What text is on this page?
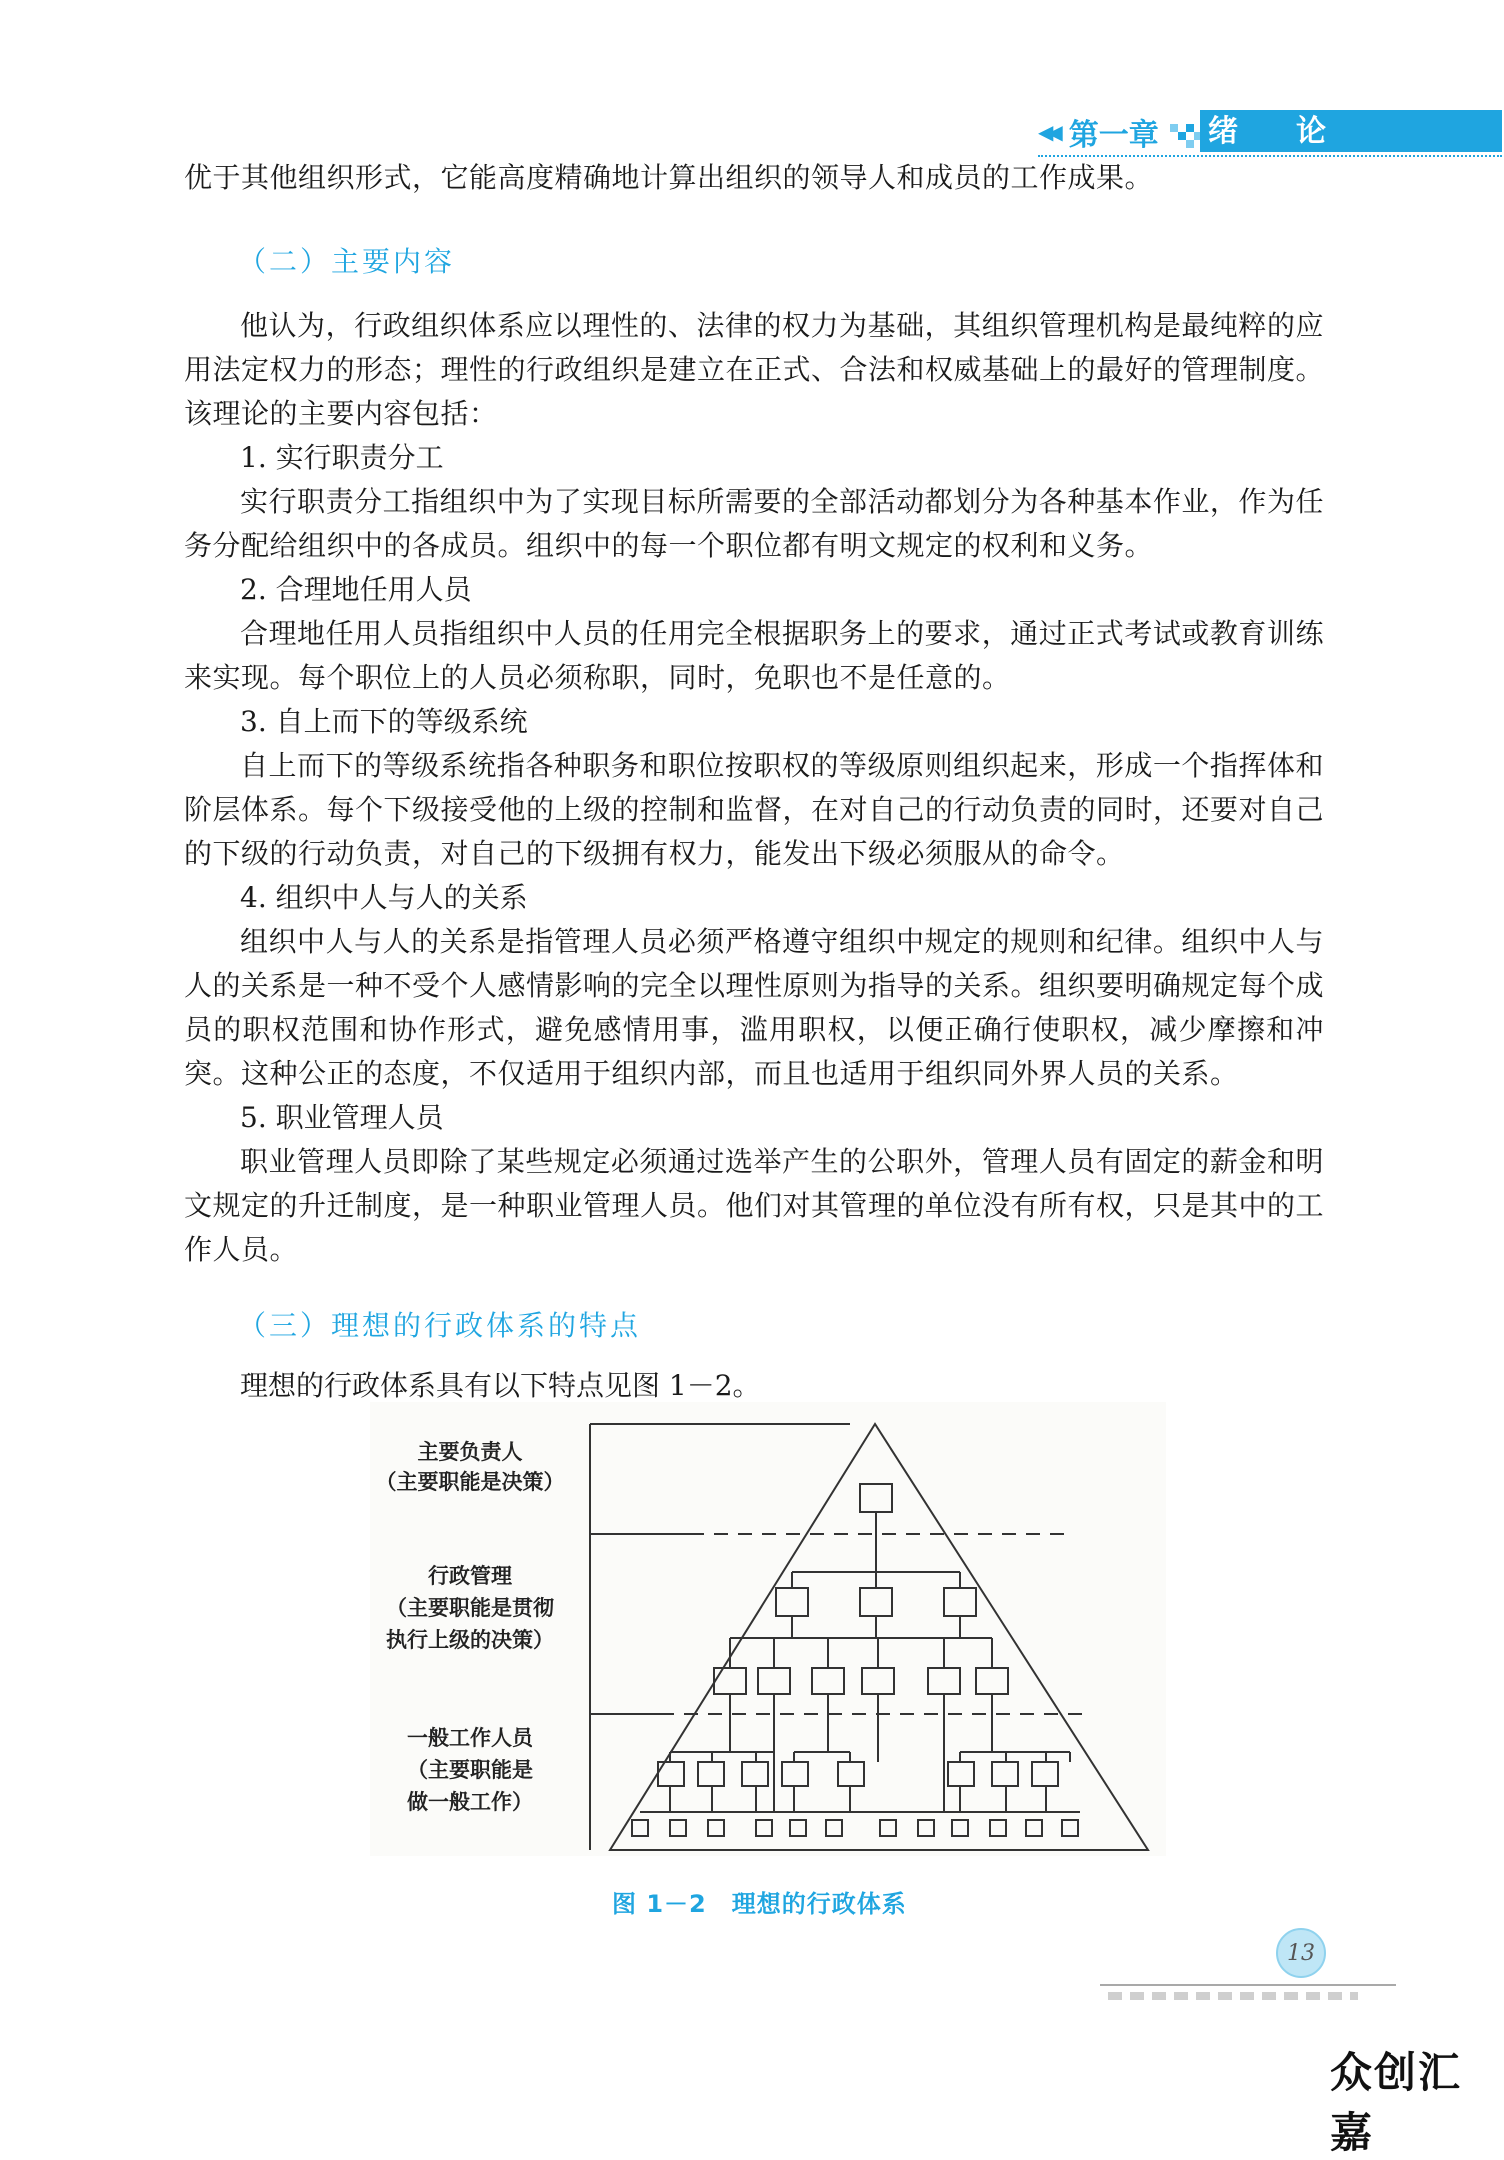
◀◀ 第一章 绪论

优于其他组织形式，它能高度精确地计算出组织的领导人和成员的工作成果。

（二）主要内容

他认为，行政组织体系应以理性的、法律的权力为基础，其组织管理机构是最纯粹的应用法定权力的形态；理性的行政组织是建立在正式、合法和权威基础上的最好的管理制度。该理论的主要内容包括：

1. 实行职责分工

实行职责分工指组织中为了实现目标所需要的全部活动都划分为各种基本作业，作为任务分配给组织中的各成员。组织中的每一个职位都有明文规定的权利和义务。

2. 合理地任用人员

合理地任用人员指组织中人员的任用完全根据职务上的要求，通过正式考试或教育训练来实现。每个职位上的人员必须称职，同时，免职也不是任意的。

3. 自上而下的等级系统

自上而下的等级系统指各种职务和职位按职权的等级原则组织起来，形成一个指挥体和阶层体系。每个下级接受他的上级的控制和监督，在对自己的行动负责的同时，还要对自己的下级的行动负责，对自己的下级拥有权力，能发出下级必须服从的命令。

4. 组织中人与人的关系

组织中人与人的关系是指管理人员必须严格遵守组织中规定的规则和纪律。组织中人与人的关系是一种不受个人感情影响的完全以理性原则为指导的关系。组织要明确规定每个成员的职权范围和协作形式，避免感情用事，滥用职权，以便正确行使职权，减少摩擦和冲突。这种公正的态度，不仅适用于组织内部，而且也适用于组织同外界人员的关系。

5. 职业管理人员

职业管理人员即除了某些规定必须通过选举产生的公职外，管理人员有固定的薪金和明文规定的升迁制度，是一种职业管理人员。他们对其管理的单位没有所有权，只是其中的工作人员。

（三）理想的行政体系的特点

理想的行政体系具有以下特点见图 1－2。

主要负责人
（主要职能是决策）
行政管理
（主要职能是贯彻
执行上级的决策）
一般工作人员
（主要职能是
做一般工作）
图 1－2　理想的行政体系
13
众创汇嘉
